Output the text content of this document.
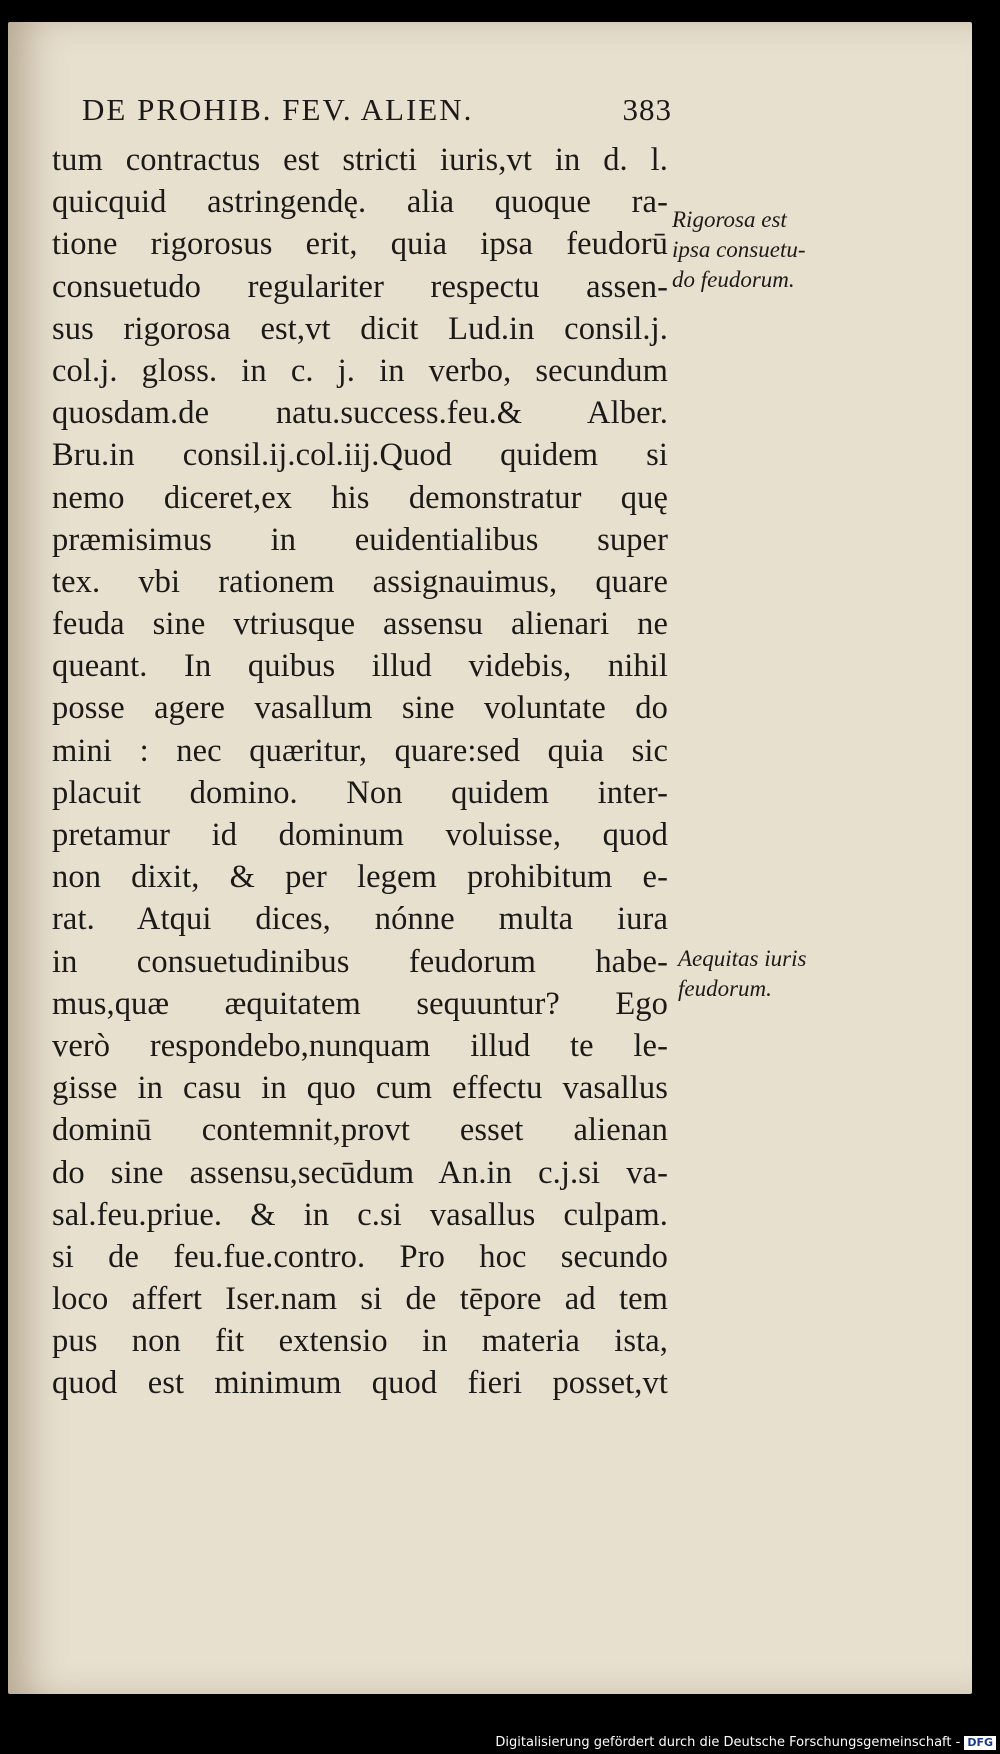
DE PROHIB. FEV. ALIEN.	383
tum contractus est stricti iuris,vt in d. l.
quicquid astringendę. alia quoque ra-
tione rigorosus erit, quia ipsa feudorū
consuetudo regulariter respectu assen-
sus rigorosa est,vt dicit Lud.in consil.j.
col.j. gloss. in c. j. in verbo, secundum
quosdam.de natu.success.feu.& Alber.
Bru.in consil.ij.col.iij.Quod quidem si
nemo diceret,ex his demonstratur quę
præmisimus in euidentialibus super
tex. vbi rationem assignauimus, quare
feuda sine vtriusque assensu alienari ne
queant. In quibus illud videbis, nihil
posse agere vasallum sine voluntate do
mini : nec quæritur, quare:sed quia sic
placuit domino. Non quidem inter-
pretamur id dominum voluisse, quod
non dixit, & per legem prohibitum e-
rat. Atqui dices, nónne multa iura
in consuetudinibus feudorum habe-
mus,quæ æquitatem sequuntur? Ego
verò respondebo,nunquam illud te le-
gisse in casu in quo cum effectu vasallus
dominū contemnit,provt esset alienan
do sine assensu,secūdum An.in c.j.si va-
sal.feu.priue. & in c.si vasallus culpam.
si de feu.fue.contro. Pro hoc secundo
loco affert Iser.nam si de tēpore ad tem
pus non fit extensio in materia ista,
quod est minimum quod fieri posset,vt
Rigorosa est
ipsa consuetu-
do feudorum.
Aequitas iuris
feudorum.
Digitalisierung gefördert durch die Deutsche Forschungsgemeinschaft - DFG
